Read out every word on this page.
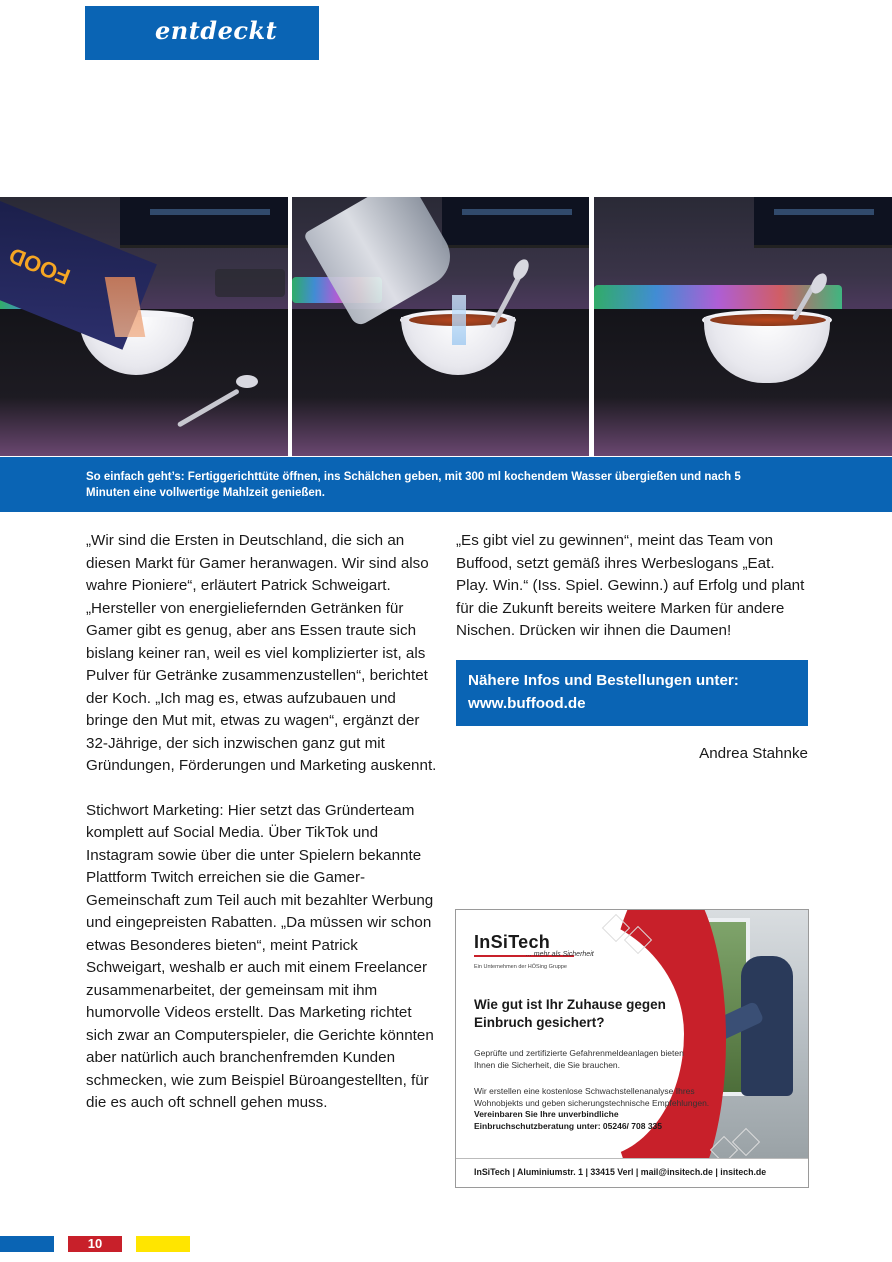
entdeckt
FOOD

So einfach geht’s: Fertiggerichttüte öffnen, ins Schälchen geben, mit 300 ml kochendem Wasser übergießen und nach 5 Minuten eine vollwertige Mahlzeit genießen.

„Wir sind die Ersten in Deutschland, die sich an diesen Markt für Gamer heranwagen. Wir sind also wahre Pioniere“, erläutert Patrick Schweigart. „Hersteller von energieliefernden Getränken für Gamer gibt es genug, aber ans Essen traute sich bislang keiner ran, weil es viel komplizierter ist, als Pulver für Getränke zusammenzustellen“, berichtet der Koch. „Ich mag es, etwas aufzubauen und bringe den Mut mit, etwas zu wagen“, ergänzt der 32-Jährige, der sich inzwischen ganz gut mit Gründungen, Förderungen und Marketing auskennt.

Stichwort Marketing: Hier setzt das Gründerteam komplett auf Social Media. Über TikTok und Instagram sowie über die unter Spielern bekannte Plattform Twitch erreichen sie die Gamer-Gemeinschaft zum Teil auch mit bezahlter Werbung und eingepreisten Rabatten. „Da müssen wir schon etwas Besonderes bieten“, meint Patrick Schweigart, weshalb er auch mit einem Freelancer zusammenarbeitet, der gemeinsam mit ihm humorvolle Videos erstellt. Das Marketing richtet sich zwar an Computerspieler, die Gerichte könnten aber natürlich auch branchenfremden Kunden schmecken, wie zum Beispiel Büroangestellten, für die es auch oft schnell gehen muss.

„Es gibt viel zu gewinnen“, meint das Team von Buffood, setzt gemäß ihres Werbeslogans „Eat. Play. Win.“ (Iss. Spiel. Gewinn.) auf Erfolg und plant für die Zukunft bereits weitere Marken für andere Nischen. Drücken wir ihnen die Daumen!

Nähere Infos und Bestellungen unter:
www.buffood.de
Andrea Stahnke
InSiTech
... mehr als Sicherheit
Ein Unternehmen der HÖSing Gruppe
Wie gut ist Ihr Zuhause gegen Einbruch gesichert?
Geprüfte und zertifizierte Gefahrenmeldeanlagen bieten Ihnen die Sicherheit, die Sie brauchen.
Wir erstellen eine kostenlose Schwachstellenanalyse Ihres Wohnobjekts und geben sicherungstechnische Empfehlungen. Vereinbaren Sie Ihre unverbindliche Einbruchschutzberatung unter: 05246/ 708 335
InSiTech | Aluminiumstr. 1 | 33415 Verl | mail@insitech.de | insitech.de
10
